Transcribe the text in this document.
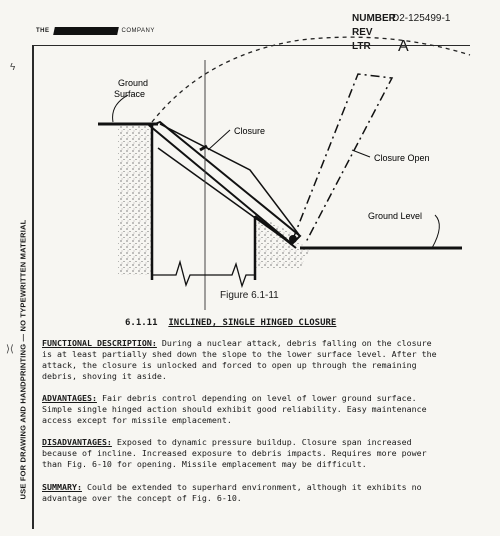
THE	COMPANY
NUMBERD2-125499-1
REV LTR A
USE FOR DRAWING AND HANDPRINTING — NO TYPEWRITTEN MATERIAL
ϟ
⟩⟨
Ground
Surface
Closure
Closure Open
Ground Level
Figure 6.1-11
6.1.11 INCLINED, SINGLE HINGED CLOSURE
FUNCTIONAL DESCRIPTION: During a nuclear attack, debris falling on the closure
is at least partially shed down the slope to the lower surface level. After the
attack, the closure is unlocked and forced to open up through the remaining
debris, shoving it aside.
ADVANTAGES: Fair debris control depending on level of lower ground surface.
Simple single hinged action should exhibit good reliability. Easy maintenance
access except for missile emplacement.
DISADVANTAGES: Exposed to dynamic pressure buildup. Closure span increased
because of incline. Increased exposure to debris impacts. Requires more power
than Fig. 6-10 for opening. Missile emplacement may be difficult.
SUMMARY: Could be extended to superhard environment, although it exhibits no
advantage over the concept of Fig. 6-10.
